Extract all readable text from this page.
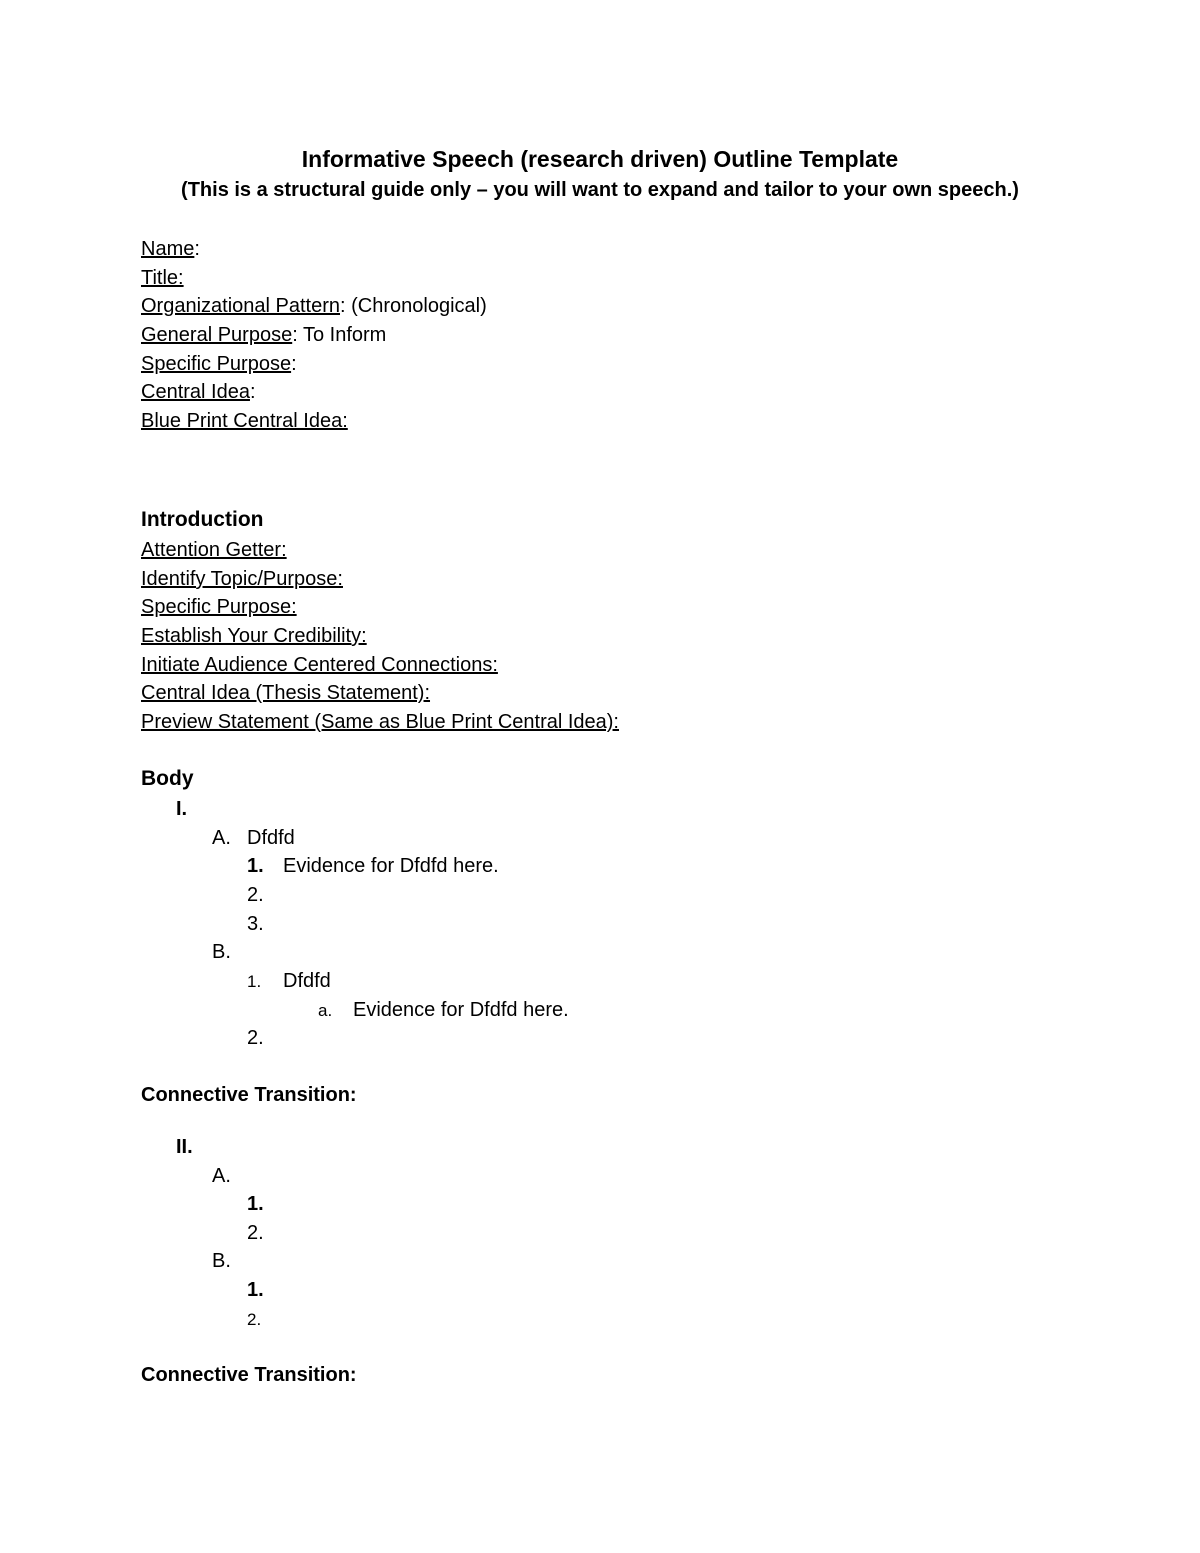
Informative Speech (research driven) Outline Template
(This is a structural guide only – you will want to expand and tailor to your own speech.)
Name:
Title:
Organizational Pattern: (Chronological)
General Purpose: To Inform
Specific Purpose:
Central Idea:
Blue Print Central Idea:
Introduction
Attention Getter:
Identify Topic/Purpose:
Specific Purpose:
Establish Your Credibility:
Initiate Audience Centered Connections:
Central Idea (Thesis Statement):
Preview Statement (Same as Blue Print Central Idea):
Body
I.
A. Dfdfd
1. Evidence for Dfdfd here.
2.
3.
B.
1. Dfdfd
a. Evidence for Dfdfd here.
2.
Connective Transition:
II.
A.
1.
2.
B.
1.
2.
Connective Transition:
